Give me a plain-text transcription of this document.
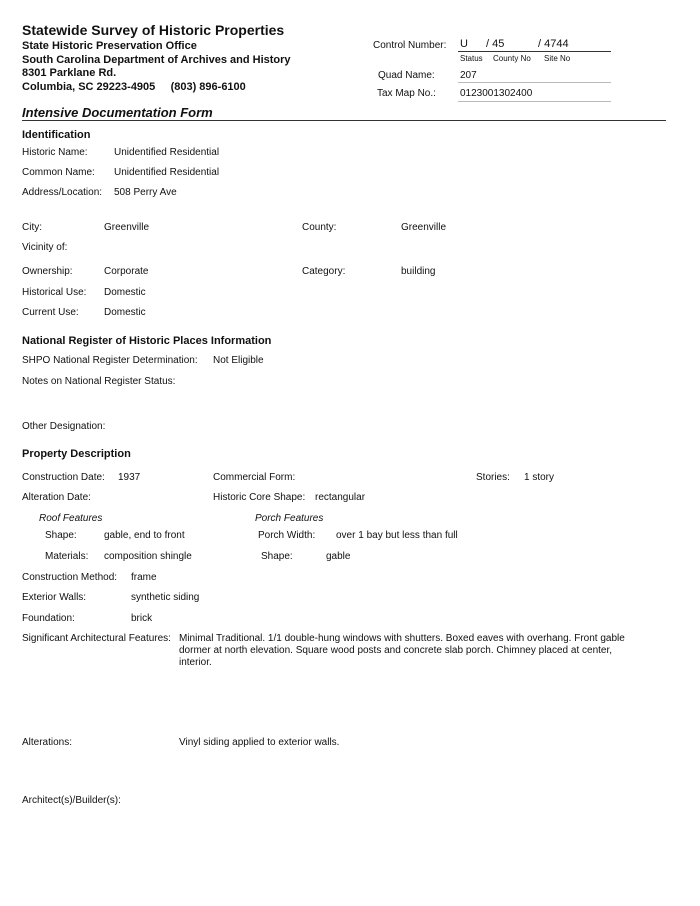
Statewide Survey of Historic Properties
State Historic Preservation Office
South Carolina Department of Archives and History
8301 Parklane Rd.
Columbia, SC 29223-4905     (803) 896-6100
Control Number: U / 45	/ 4744
Status County No Site No
Quad Name:	207
Tax Map No.: 0123001302400
Intensive Documentation Form
Identification
Historic Name:	Unidentified Residential
Common Name: Unidentified Residential
Address/Location: 508 Perry Ave
City:	Greenville	County:	Greenville
Vicinity of:
Ownership:	Corporate	Category:	building
Historical Use: Domestic
Current Use:	Domestic
National Register of Historic Places Information
SHPO National Register Determination: Not Eligible
Notes on National Register Status:
Other Designation:
Property Description
Construction Date: 1937	Commercial Form:	Stories: 1 story
Alteration Date:	Historic Core Shape: rectangular
Roof Features	Porch Features
Shape:	gable, end to front	Porch Width: over 1 bay but less than full
Materials: composition shingle	Shape:	gable
Construction Method: frame
Exterior Walls:	synthetic siding
Foundation:	brick
Significant Architectural Features: Minimal Traditional. 1/1 double-hung windows with shutters. Boxed eaves with overhang. Front gable dormer at north elevation. Square wood posts and concrete slab porch. Chimney placed at center, interior.
Alterations:	Vinyl siding applied to exterior walls.
Architect(s)/Builder(s):
